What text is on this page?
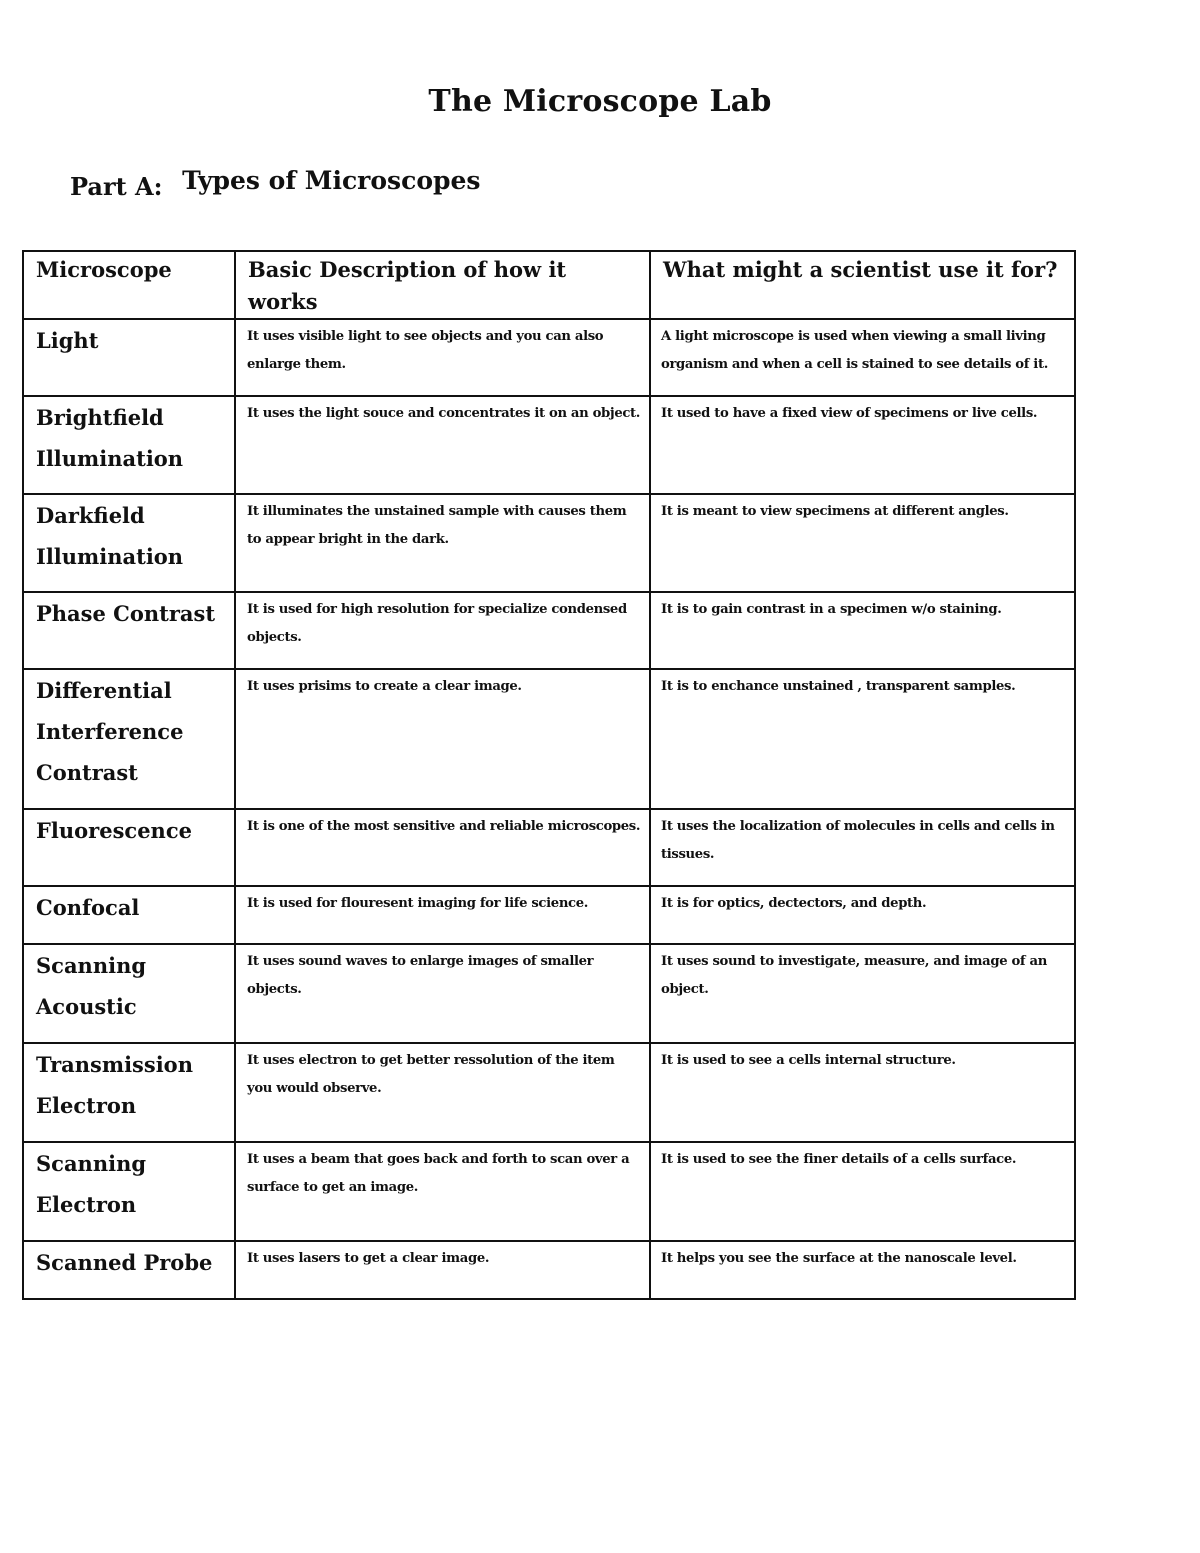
The Microscope Lab
Part A: Types of Microscopes
Microscope	Basic Description of how it works	What might a scientist use it for?
Light	It uses visible light to see objects and you can also enlarge them.	A light microscope is used when viewing a small living organism and when a cell is stained to see details of it.
Brightfield Illumination	It uses the light souce and concentrates it on an object.	It used to have a fixed view of specimens or live cells.
Darkfield Illumination	It illuminates the unstained sample with causes them to appear bright in the dark.	It is meant to view specimens at different angles.
Phase Contrast	It is used for high resolution for specialize condensed objects.	It is to gain contrast in a specimen w/o staining.
Differential Interference Contrast	It uses prisims to create a clear image.	It is to enchance unstained , transparent samples.
Fluorescence	It is one of the most sensitive and reliable microscopes.	It uses the localization of molecules in cells and cells in tissues.
Confocal	It is used for flouresent imaging for life science.	It is for optics, dectectors, and depth.
Scanning Acoustic	It uses sound waves to enlarge images of smaller objects.	It uses sound to investigate, measure, and image of an object.
Transmission Electron	It uses electron to get better ressolution of the item you would observe.	It is used to see a cells internal structure.
Scanning Electron	It uses a beam that goes back and forth to scan over a surface to get an image.	It is used to see the finer details of a cells surface.
Scanned Probe	It uses lasers to get a clear image.	It helps you see the surface at the nanoscale level.
